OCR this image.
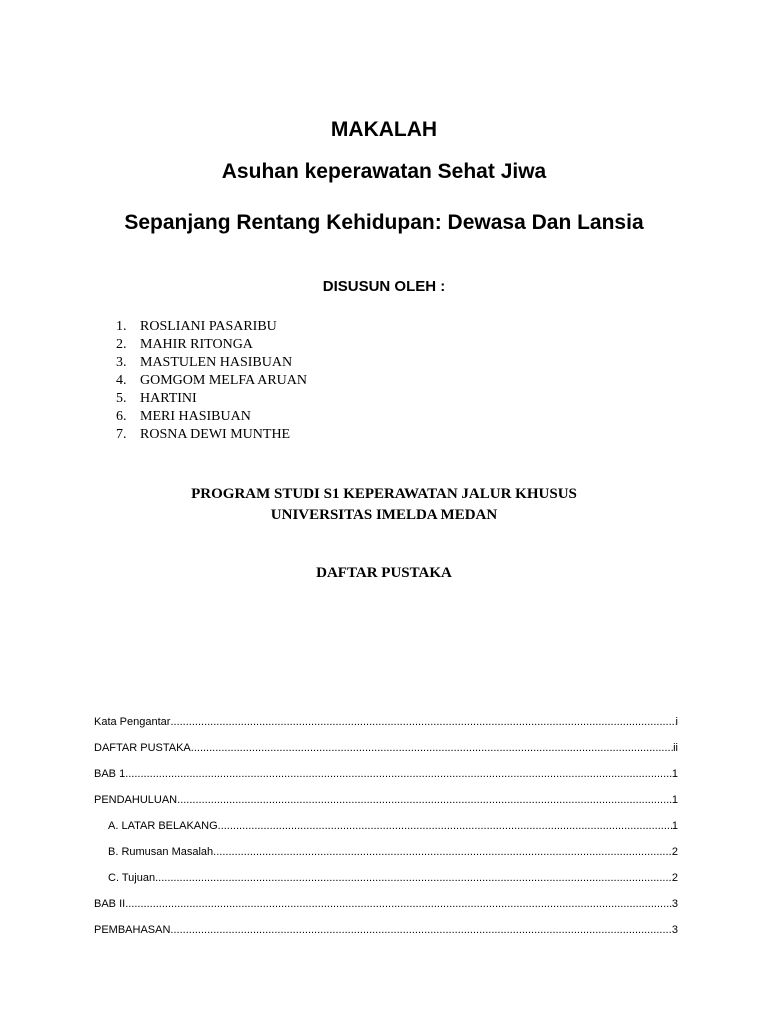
MAKALAH
Asuhan keperawatan Sehat Jiwa
Sepanjang Rentang Kehidupan: Dewasa Dan Lansia
DISUSUN OLEH :
1. ROSLIANI PASARIBU
2. MAHIR RITONGA
3. MASTULEN HASIBUAN
4. GOMGOM MELFA ARUAN
5. HARTINI
6. MERI HASIBUAN
7. ROSNA DEWI MUNTHE
PROGRAM STUDI S1 KEPERAWATAN JALUR KHUSUS
UNIVERSITAS IMELDA MEDAN
DAFTAR PUSTAKA
Kata Pengantar .....	i
DAFTAR PUSTAKA .....	ii
BAB 1 .....	1
PENDAHULUAN .....	1
A. LATAR BELAKANG .....	1
B. Rumusan Masalah .....	2
C. Tujuan .....	2
BAB II .....	3
PEMBAHASAN .....	3
